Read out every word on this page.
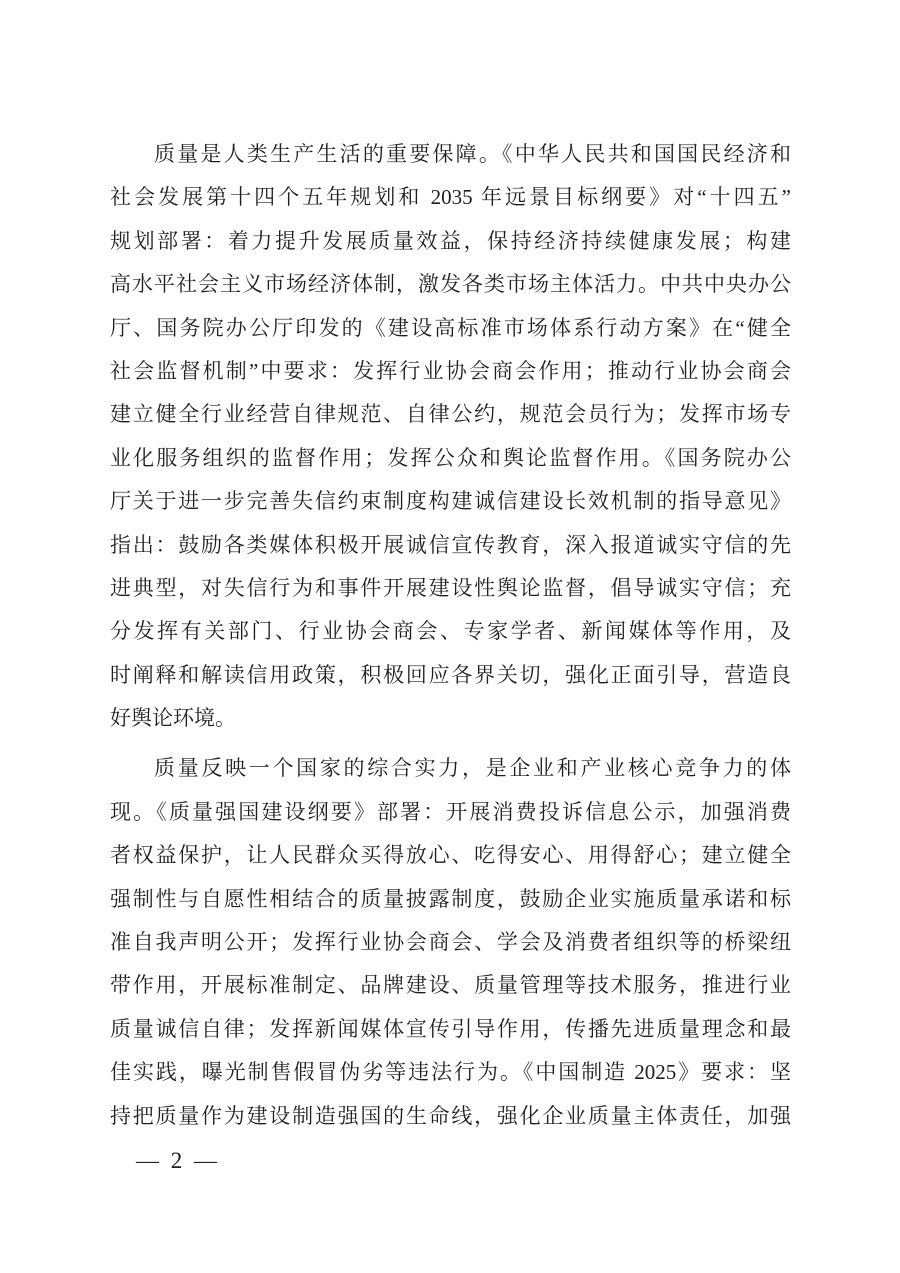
质量是人类生产生活的重要保障。《中华人民共和国国民经济和
社会发展第十四个五年规划和 2035 年远景目标纲要》对“十四五”
规划部署：着力提升发展质量效益，保持经济持续健康发展；构建
高水平社会主义市场经济体制，激发各类市场主体活力。中共中央办公
厅、国务院办公厅印发的《建设高标准市场体系行动方案》在“健全
社会监督机制”中要求：发挥行业协会商会作用；推动行业协会商会
建立健全行业经营自律规范、自律公约，规范会员行为；发挥市场专
业化服务组织的监督作用；发挥公众和舆论监督作用。《国务院办公
厅关于进一步完善失信约束制度构建诚信建设长效机制的指导意见》
指出：鼓励各类媒体积极开展诚信宣传教育，深入报道诚实守信的先
进典型，对失信行为和事件开展建设性舆论监督，倡导诚实守信；充
分发挥有关部门、行业协会商会、专家学者、新闻媒体等作用，及
时阐释和解读信用政策，积极回应各界关切，强化正面引导，营造良
好舆论环境。
质量反映一个国家的综合实力，是企业和产业核心竞争力的体
现。《质量强国建设纲要》部署：开展消费投诉信息公示，加强消费
者权益保护，让人民群众买得放心、吃得安心、用得舒心；建立健全
强制性与自愿性相结合的质量披露制度，鼓励企业实施质量承诺和标
准自我声明公开；发挥行业协会商会、学会及消费者组织等的桥梁纽
带作用，开展标准制定、品牌建设、质量管理等技术服务，推进行业
质量诚信自律；发挥新闻媒体宣传引导作用，传播先进质量理念和最
佳实践，曝光制售假冒伪劣等违法行为。《中国制造 2025》要求：坚
持把质量作为建设制造强国的生命线，强化企业质量主体责任，加强
— 2 —
